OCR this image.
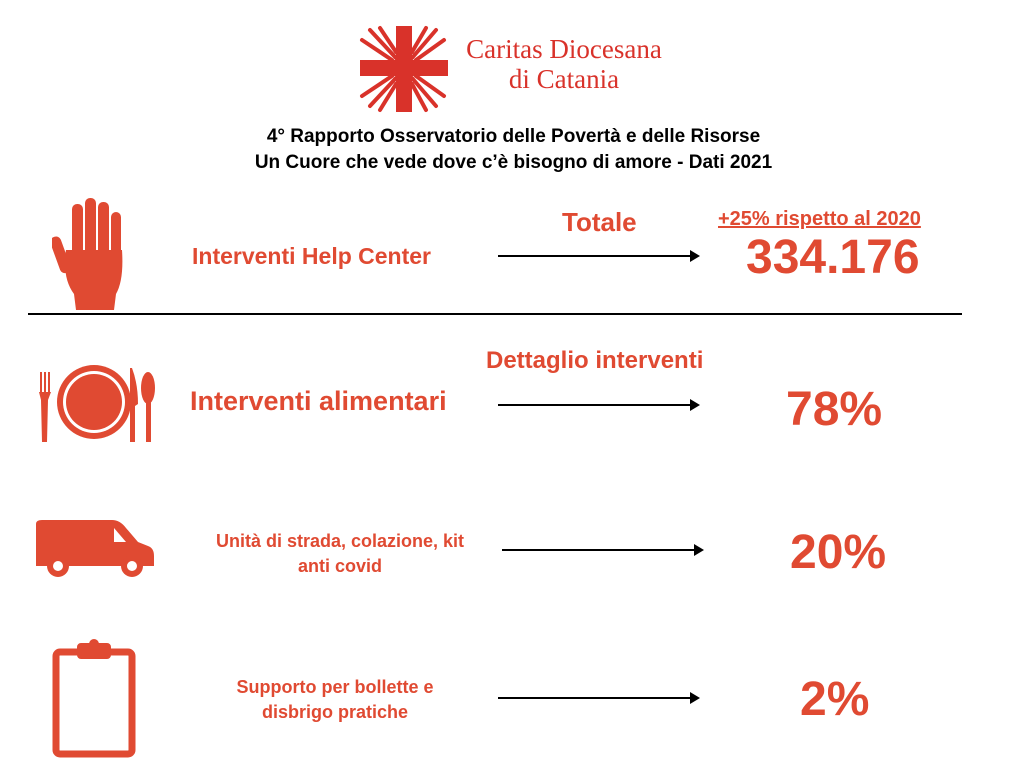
Caritas Diocesana
di Catania
4° Rapporto Osservatorio delle Povertà e delle Risorse
Un Cuore che vede dove c’è bisogno di amore - Dati 2021
Totale
Interventi Help Center
+25% rispetto al 2020
334.176
Dettaglio interventi
Interventi alimentari	78%
Unità di strada, colazione, kit
anti covid	20%
Supporto per bollette e
disbrigo pratiche	2%
